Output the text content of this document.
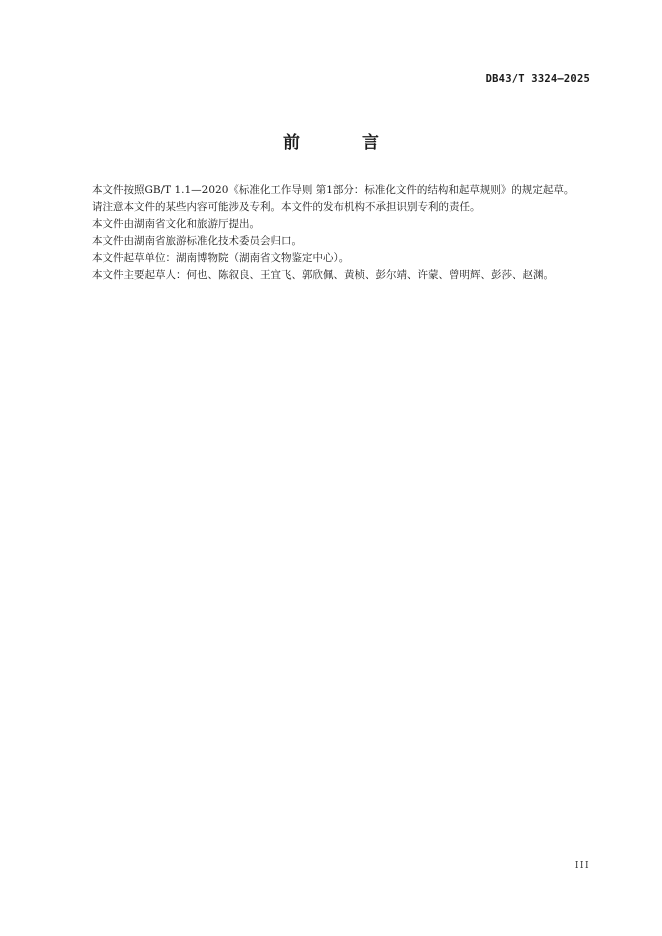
DB43/T 3324—2025
前 言

本文件按照GB/T 1.1—2020《标准化工作导则 第1部分：标准化文件的结构和起草规则》的规定起草。

请注意本文件的某些内容可能涉及专利。本文件的发布机构不承担识别专利的责任。

本文件由湖南省文化和旅游厅提出。

本文件由湖南省旅游标准化技术委员会归口。

本文件起草单位：湖南博物院（湖南省文物鉴定中心）。

本文件主要起草人：何也、陈叙良、王宜飞、郭欣佩、黄桢、彭尔靖、许蒙、曾明辉、彭莎、赵渊。

III
